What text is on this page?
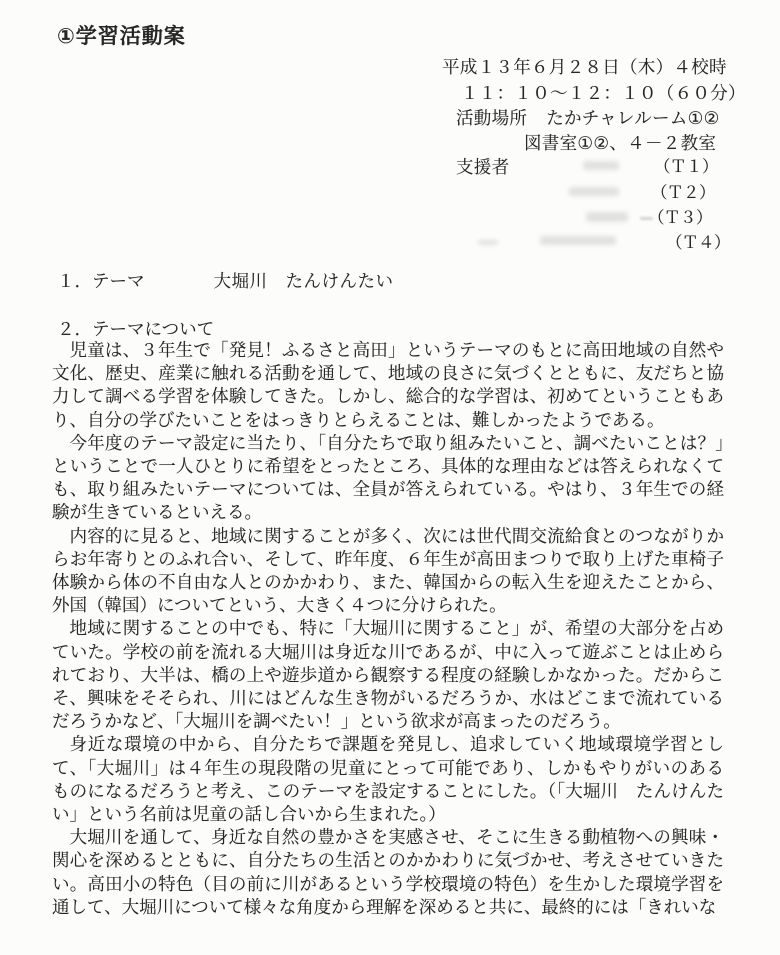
①学習活動案
平成１３年６月２８日（木）４校時
１１：１０～１２：１０（６０分）
活動場所 たかチャレルーム①②
図書室①②、４－２教室
支援者	（Ｔ１）
（Ｔ２）
（Ｔ３）
（Ｔ４）
１．テーマ	大堀川　たんけんたい
２．テーマについて

児童は、３年生で「発見！ふるさと高田」というテーマのもとに高田地域の自然や文化、歴史、産業に触れる活動を通して、地域の良さに気づくとともに、友だちと協力して調べる学習を体験してきた。しかし、総合的な学習は、初めてということもあり、自分の学びたいことをはっきりとらえることは、難しかったようである。

今年度のテーマ設定に当たり、「自分たちで取り組みたいこと、調べたいことは？」ということで一人ひとりに希望をとったところ、具体的な理由などは答えられなくても、取り組みたいテーマについては、全員が答えられている。やはり、３年生での経験が生きているといえる。

内容的に見ると、地域に関することが多く、次には世代間交流給食とのつながりからお年寄りとのふれ合い、そして、昨年度、６年生が高田まつりで取り上げた車椅子体験から体の不自由な人とのかかわり、また、韓国からの転入生を迎えたことから、外国（韓国）についてという、大きく４つに分けられた。

地域に関することの中でも、特に「大堀川に関すること」が、希望の大部分を占めていた。学校の前を流れる大堀川は身近な川であるが、中に入って遊ぶことは止められており、大半は、橋の上や遊歩道から観察する程度の経験しかなかった。だからこそ、興味をそそられ、川にはどんな生き物がいるだろうか、水はどこまで流れているだろうかなど、「大堀川を調べたい！」という欲求が高まったのだろう。

身近な環境の中から、自分たちで課題を発見し、追求していく地域環境学習として、「大堀川」は４年生の現段階の児童にとって可能であり、しかもやりがいのあるものになるだろうと考え、このテーマを設定することにした。（「大堀川　たんけんたい」という名前は児童の話し合いから生まれた。）

大堀川を通して、身近な自然の豊かさを実感させ、そこに生きる動植物への興味・関心を深めるとともに、自分たちの生活とのかかわりに気づかせ、考えさせていきたい。高田小の特色（目の前に川があるという学校環境の特色）を生かした環境学習を通して、大堀川について様々な角度から理解を深めると共に、最終的には「きれいな
